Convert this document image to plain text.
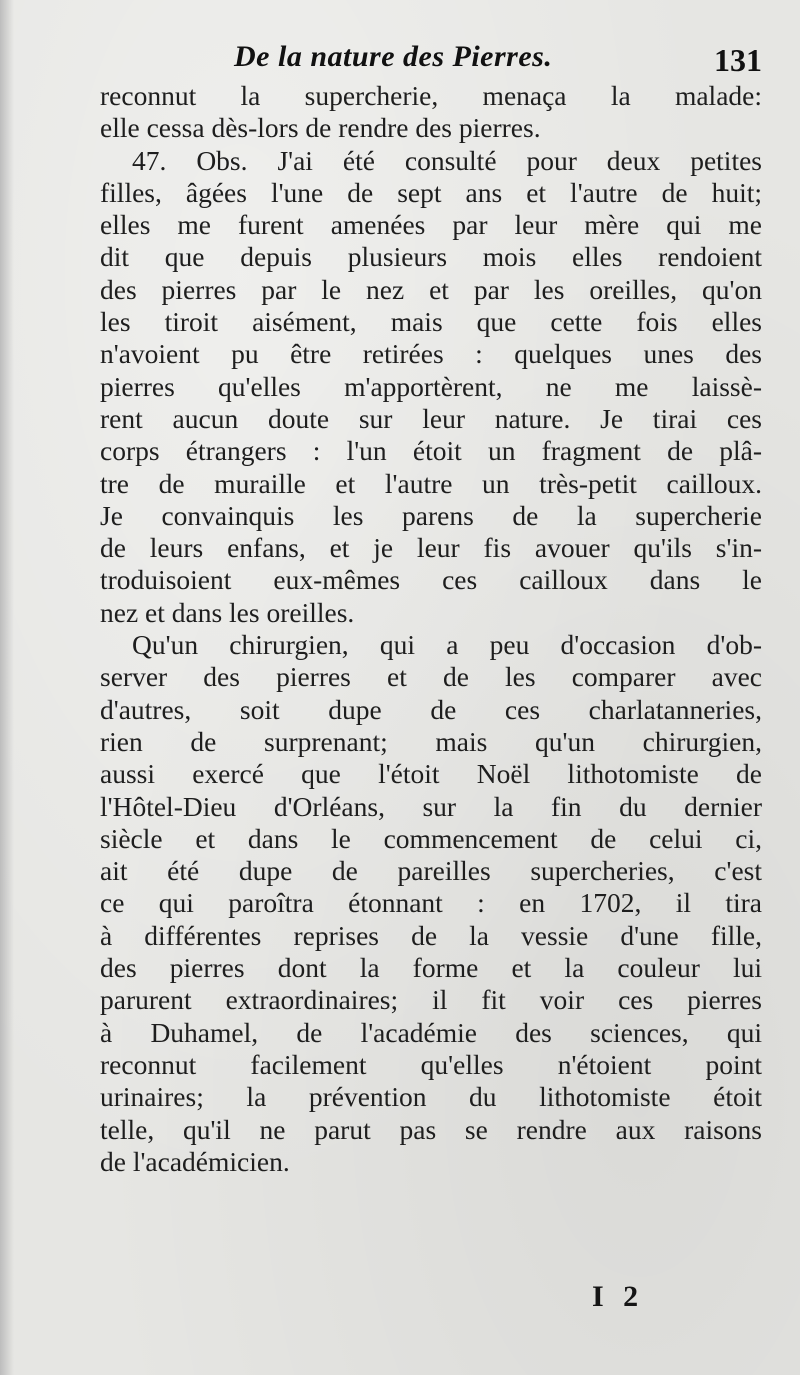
De la nature des Pierres.	131
reconnut la supercherie, menaça la malade:
elle cessa dès-lors de rendre des pierres.
47. Obs. J'ai été consulté pour deux petites
filles, âgées l'une de sept ans et l'autre de huit;
elles me furent amenées par leur mère qui me
dit que depuis plusieurs mois elles rendoient
des pierres par le nez et par les oreilles, qu'on
les tiroit aisément, mais que cette fois elles
n'avoient pu être retirées : quelques unes des
pierres qu'elles m'apportèrent, ne me laissè-
rent aucun doute sur leur nature. Je tirai ces
corps étrangers : l'un étoit un fragment de plâ-
tre de muraille et l'autre un très-petit cailloux.
Je convainquis les parens de la supercherie
de leurs enfans, et je leur fis avouer qu'ils s'in-
troduisoient eux-mêmes ces cailloux dans le
nez et dans les oreilles.
Qu'un chirurgien, qui a peu d'occasion d'ob-
server des pierres et de les comparer avec
d'autres, soit dupe de ces charlatanneries,
rien de surprenant; mais qu'un chirurgien,
aussi exercé que l'étoit Noël lithotomiste de
l'Hôtel-Dieu d'Orléans, sur la fin du dernier
siècle et dans le commencement de celui ci,
ait été dupe de pareilles supercheries, c'est
ce qui paroîtra étonnant : en 1702, il tira
à différentes reprises de la vessie d'une fille,
des pierres dont la forme et la couleur lui
parurent extraordinaires; il fit voir ces pierres
à Duhamel, de l'académie des sciences, qui
reconnut facilement qu'elles n'étoient point
urinaires; la prévention du lithotomiste étoit
telle, qu'il ne parut pas se rendre aux raisons
de l'académicien.
I 2
